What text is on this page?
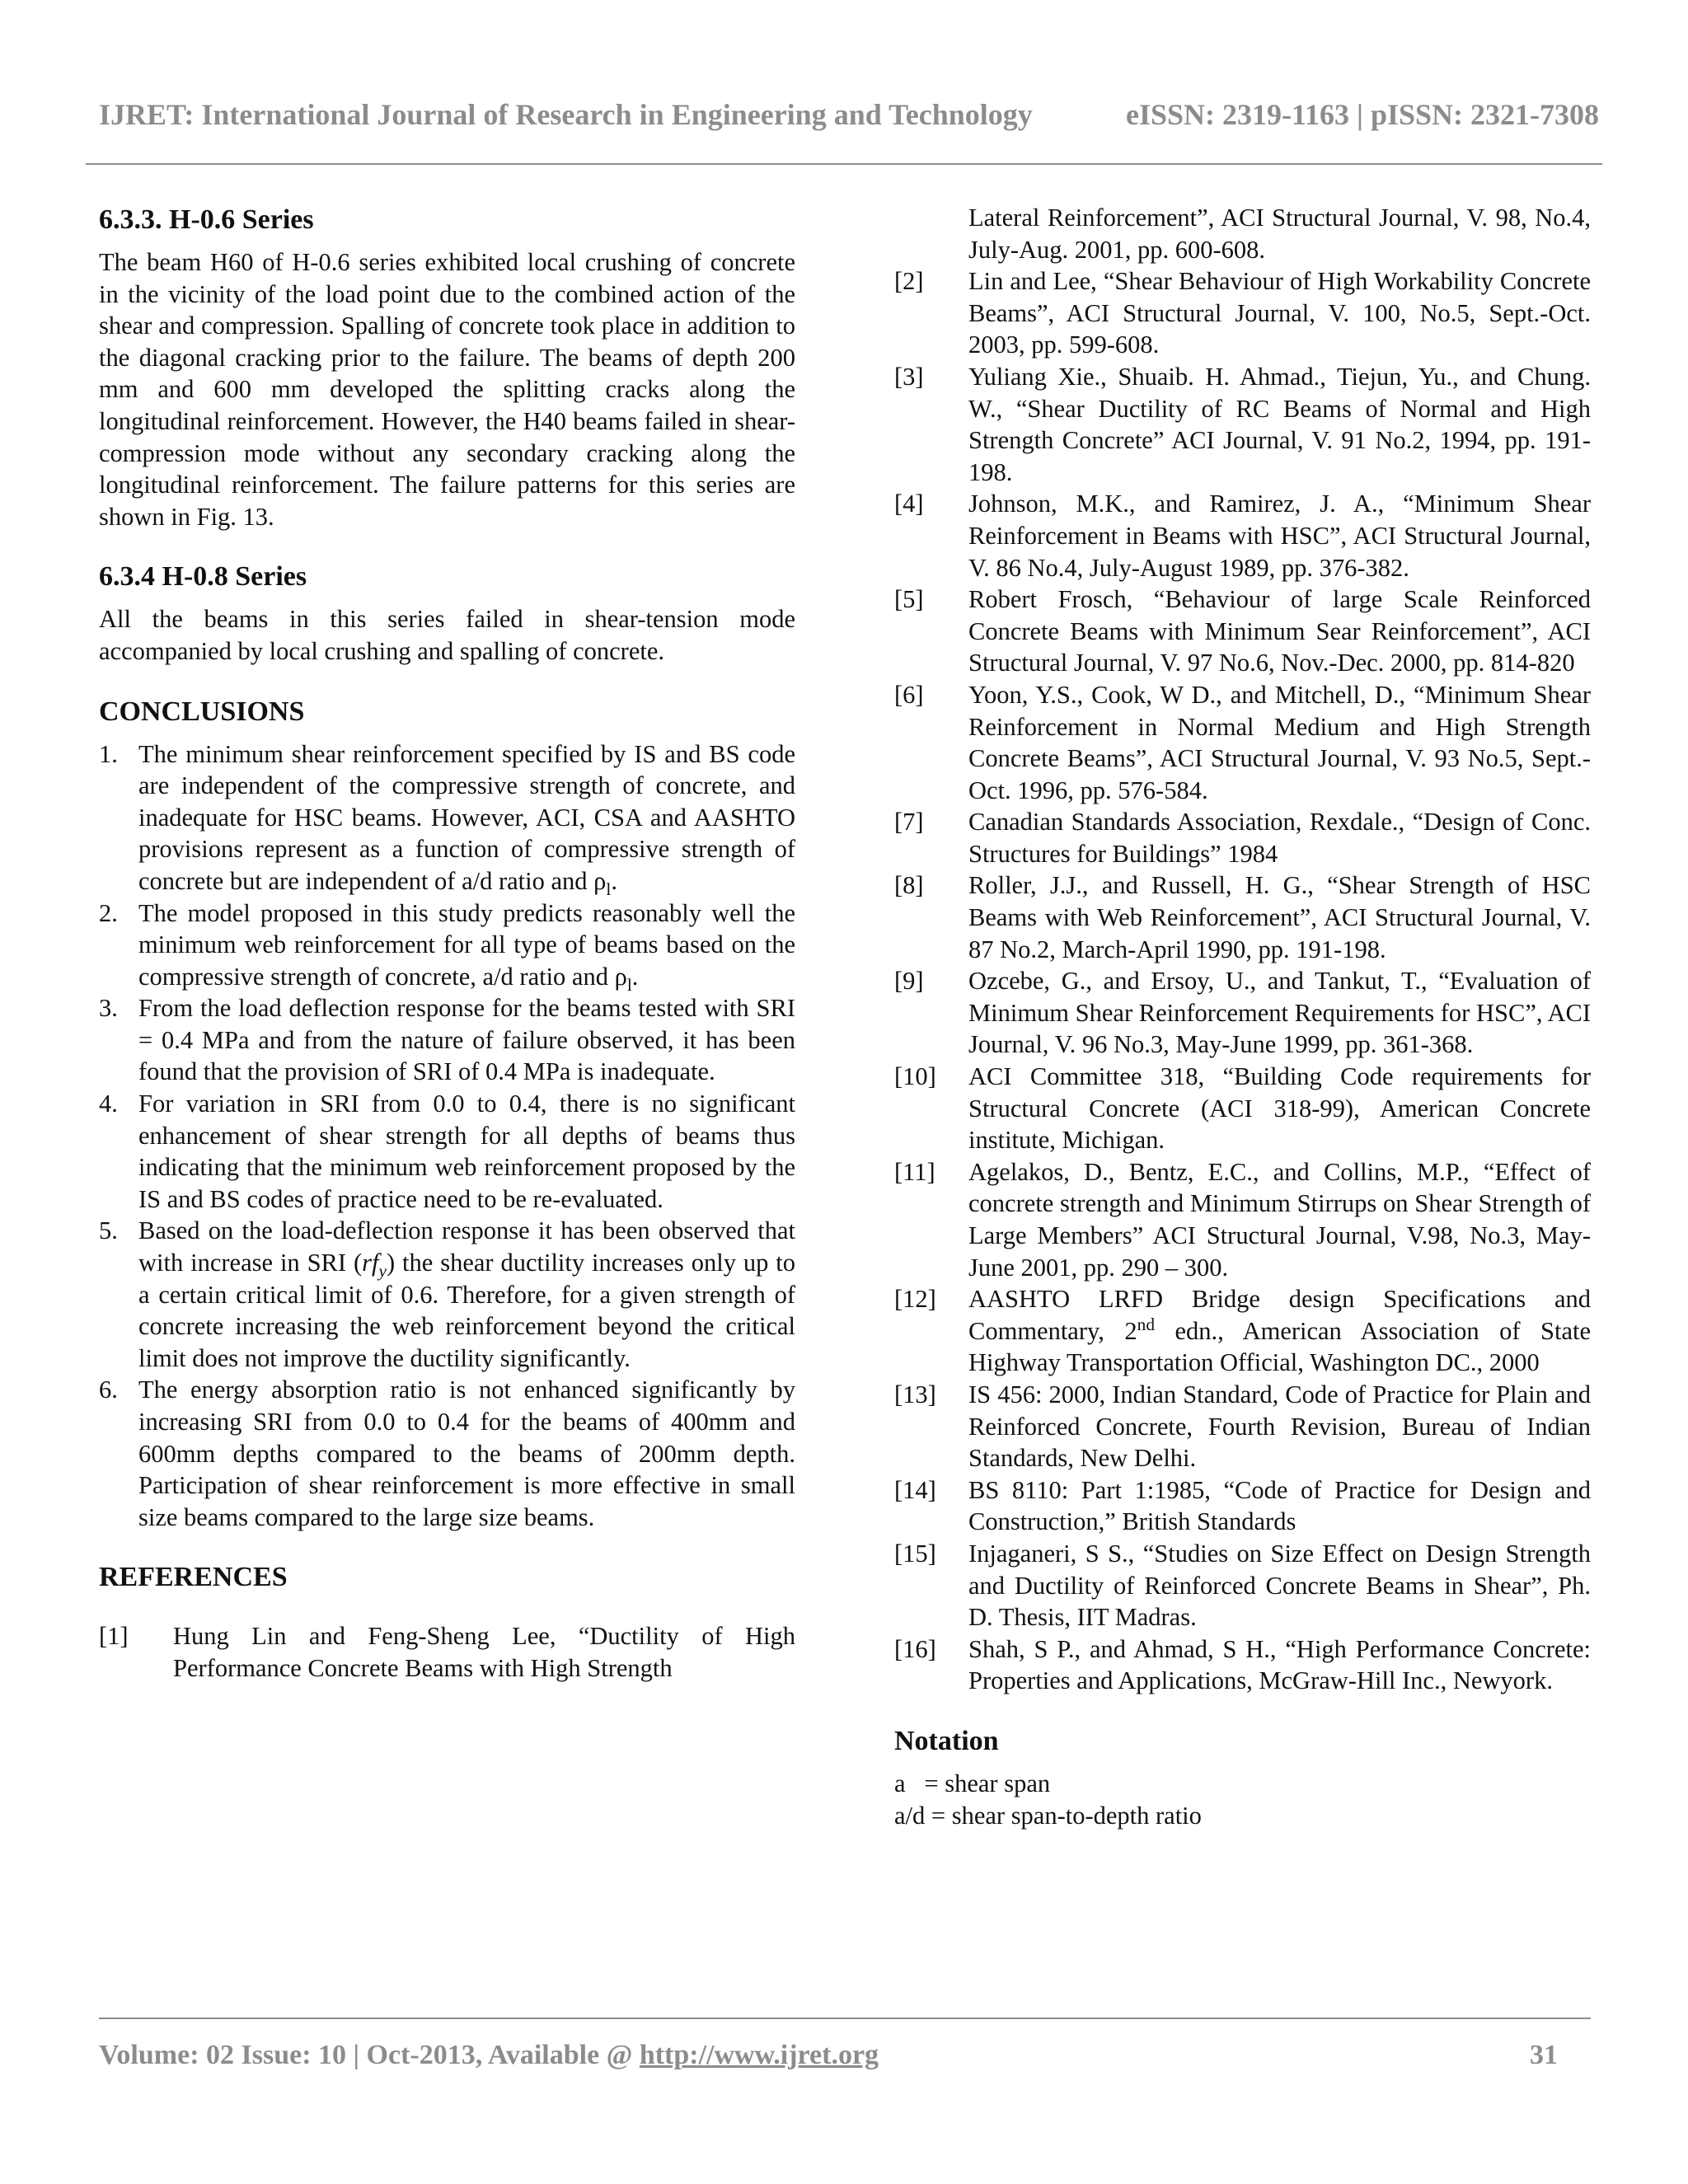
IJRET: International Journal of Research in Engineering and Technology	eISSN: 2319-1163 | pISSN: 2321-7308
6.3.3. H-0.6 Series

The beam H60 of H-0.6 series exhibited local crushing of concrete in the vicinity of the load point due to the combined action of the shear and compression. Spalling of concrete took place in addition to the diagonal cracking prior to the failure. The beams of depth 200 mm and 600 mm developed the splitting cracks along the longitudinal reinforcement. However, the H40 beams failed in shear-compression mode without any secondary cracking along the longitudinal reinforcement. The failure patterns for this series are shown in Fig. 13.

6.3.4 H-0.8 Series

All the beams in this series failed in shear-tension mode accompanied by local crushing and spalling of concrete.

CONCLUSIONS
1. The minimum shear reinforcement specified by IS and BS code are independent of the compressive strength of concrete, and inadequate for HSC beams. However, ACI, CSA and AASHTO provisions represent as a function of compressive strength of concrete but are independent of a/d ratio and $\rho_l$.
2. The model proposed in this study predicts reasonably well the minimum web reinforcement for all type of beams based on the compressive strength of concrete, a/d ratio and $\rho_l$.
3. From the load deflection response for the beams tested with SRI = 0.4 MPa and from the nature of failure observed, it has been found that the provision of SRI of 0.4 MPa is inadequate.
4. For variation in SRI from 0.0 to 0.4, there is no significant enhancement of shear strength for all depths of beams thus indicating that the minimum web reinforcement proposed by the IS and BS codes of practice need to be re-evaluated.
5. Based on the load-deflection response it has been observed that with increase in SRI $(rf_y)$ the shear ductility increases only up to a certain critical limit of 0.6. Therefore, for a given strength of concrete increasing the web reinforcement beyond the critical limit does not improve the ductility significantly.
6. The energy absorption ratio is not enhanced significantly by increasing SRI from 0.0 to 0.4 for the beams of 400mm and 600mm depths compared to the beams of 200mm depth. Participation of shear reinforcement is more effective in small size beams compared to the large size beams.
REFERENCES
[1] Hung Lin and Feng-Sheng Lee, “Ductility of High Performance Concrete Beams with High Strength
Lateral Reinforcement”, ACI Structural Journal, V. 98, No.4, July-Aug. 2001, pp. 600-608.
[2] Lin and Lee, “Shear Behaviour of High Workability Concrete Beams”, ACI Structural Journal, V. 100, No.5, Sept.-Oct. 2003, pp. 599-608.
[3] Yuliang Xie., Shuaib. H. Ahmad., Tiejun, Yu., and Chung. W., “Shear Ductility of RC Beams of Normal and High Strength Concrete” ACI Journal, V. 91 No.2, 1994, pp. 191-198.
[4] Johnson, M.K., and Ramirez, J. A., “Minimum Shear Reinforcement in Beams with HSC”, ACI Structural Journal, V. 86 No.4, July-August 1989, pp. 376-382.
[5] Robert Frosch, “Behaviour of large Scale Reinforced Concrete Beams with Minimum Sear Reinforcement”, ACI Structural Journal, V. 97 No.6, Nov.-Dec. 2000, pp. 814-820
[6] Yoon, Y.S., Cook, W D., and Mitchell, D., “Minimum Shear Reinforcement in Normal Medium and High Strength Concrete Beams”, ACI Structural Journal, V. 93 No.5, Sept.-Oct. 1996, pp. 576-584.
[7] Canadian Standards Association, Rexdale., “Design of Conc. Structures for Buildings” 1984
[8] Roller, J.J., and Russell, H. G., “Shear Strength of HSC Beams with Web Reinforcement”, ACI Structural Journal, V. 87 No.2, March-April 1990, pp. 191-198.
[9] Ozcebe, G., and Ersoy, U., and Tankut, T., “Evaluation of Minimum Shear Reinforcement Requirements for HSC”, ACI Journal, V. 96 No.3, May-June 1999, pp. 361-368.
[10] ACI Committee 318, “Building Code requirements for Structural Concrete (ACI 318-99), American Concrete institute, Michigan.
[11] Agelakos, D., Bentz, E.C., and Collins, M.P., “Effect of concrete strength and Minimum Stirrups on Shear Strength of Large Members” ACI Structural Journal, V.98, No.3, May-June 2001, pp. 290 – 300.
[12] AASHTO LRFD Bridge design Specifications and Commentary, 2nd edn., American Association of State Highway Transportation Official, Washington DC., 2000
[13] IS 456: 2000, Indian Standard, Code of Practice for Plain and Reinforced Concrete, Fourth Revision, Bureau of Indian Standards, New Delhi.
[14] BS 8110: Part 1:1985, “Code of Practice for Design and Construction,” British Standards
[15] Injaganeri, S S., “Studies on Size Effect on Design Strength and Ductility of Reinforced Concrete Beams in Shear”, Ph. D. Thesis, IIT Madras.
[16] Shah, S P., and Ahmad, S H., “High Performance Concrete: Properties and Applications, McGraw-Hill Inc., Newyork.
Notation
a   = shear span
a/d = shear span-to-depth ratio
Volume: 02 Issue: 10 | Oct-2013, Available @ http://www.ijret.org	31
